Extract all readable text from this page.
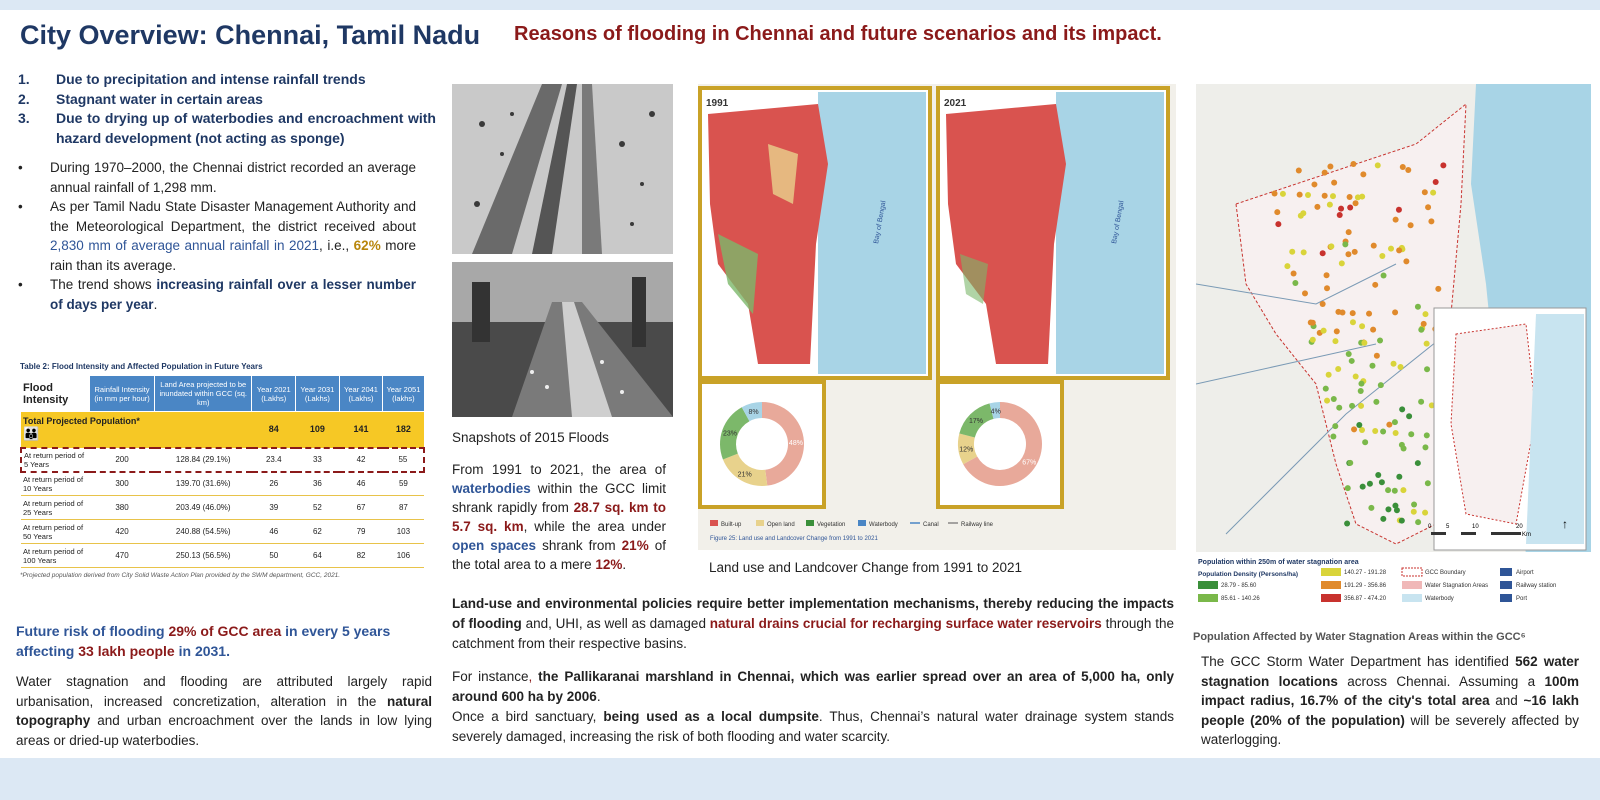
City Overview: Chennai, Tamil Nadu Reasons of flooding in Chennai and future scenarios and its impact.
1.	Due to precipitation and intense rainfall trends
2.	Stagnant water in certain areas
3.	Due to drying up of waterbodies and encroachment with hazard development (not acting as sponge)
•	During 1970–2000, the Chennai district recorded an average annual rainfall of 1,298 mm.
•	As per Tamil Nadu State Disaster Management Authority and the Meteorological Department, the district received about 2,830 mm of average annual rainfall in 2021, i.e., 62% more rain than its average.
•	The trend shows increasing rainfall over a lesser number of days per year.
Table 2: Flood Intensity and Affected Population in Future Years
Flood Intensity	Rainfall Intensity (in mm per hour)	Land Area projected to be inundated within GCC (sq. km)	Year 2021 (Lakhs)	Year 2031 (Lakhs)	Year 2041 (Lakhs)	Year 2051 (lakhs)
Total Projected Population* 👪			84	109	141	182
At return period of 5 Years	200	128.84 (29.1%)	23.4	33	42	55
At return period of 10 Years	300	139.70 (31.6%)	26	36	46	59
At return period of 25 Years	380	203.49 (46.0%)	39	52	67	87
At return period of 50 Years	420	240.88 (54.5%)	46	62	79	103
At return period of 100 Years	470	250.13 (56.5%)	50	64	82	106
*Projected population derived from City Solid Waste Action Plan provided by the SWM department, GCC, 2021.
Future risk of flooding 29% of GCC area in every 5 years affecting 33 lakh people in 2031.
Water stagnation and flooding are attributed largely rapid urbanisation, increased concretization, alteration in the natural topography and urban encroachment over the lands in low lying areas or dried-up waterbodies.
Snapshots of 2015 Floods
From 1991 to 2021, the area of waterbodies within the GCC limit shrank rapidly from 28.7 sq. km to 5.7 sq. km, while the area under open spaces shrank from 21% of the total area to a mere 12%.
1991
Bay of Bengal
2021
Bay of Bengal
48%
21%
23%
8%
67%
12%
17%
4%
Built-up	Open land	Vegetation	Waterbody	Canal	Railway line
Figure 25: Land use and Landcover Change from 1991 to 2021
Land use and Landcover Change from 1991 to 2021
0 5	10	20
Km
↑
Population within 250m of water stagnation area
Population Density (Persons/ha)
28.79 - 85.60
85.61 - 140.26
140.27 - 191.28
191.29 - 356.86
356.87 - 474.20
GCC Boundary
Water Stagnation Areas
Waterbody
Airport
Railway station
Port
Population Affected by Water Stagnation Areas within the GCC⁶
The GCC Storm Water Department has identified 562 water stagnation locations across Chennai. Assuming a 100m impact radius, 16.7% of the city's total area and ~16 lakh people (20% of the population) will be severely affected by waterlogging.

Land-use and environmental policies require better implementation mechanisms, thereby reducing the impacts of flooding and, UHI, as well as damaged natural drains crucial for recharging surface water reservoirs through the catchment from their respective basins.

For instance, the Pallikaranai marshland in Chennai, which was earlier spread over an area of 5,000 ha, only around 600 ha by 2006.
Once a bird sanctuary, being used as a local dumpsite. Thus, Chennai’s natural water drainage system stands severely damaged, increasing the risk of both flooding and water scarcity.
